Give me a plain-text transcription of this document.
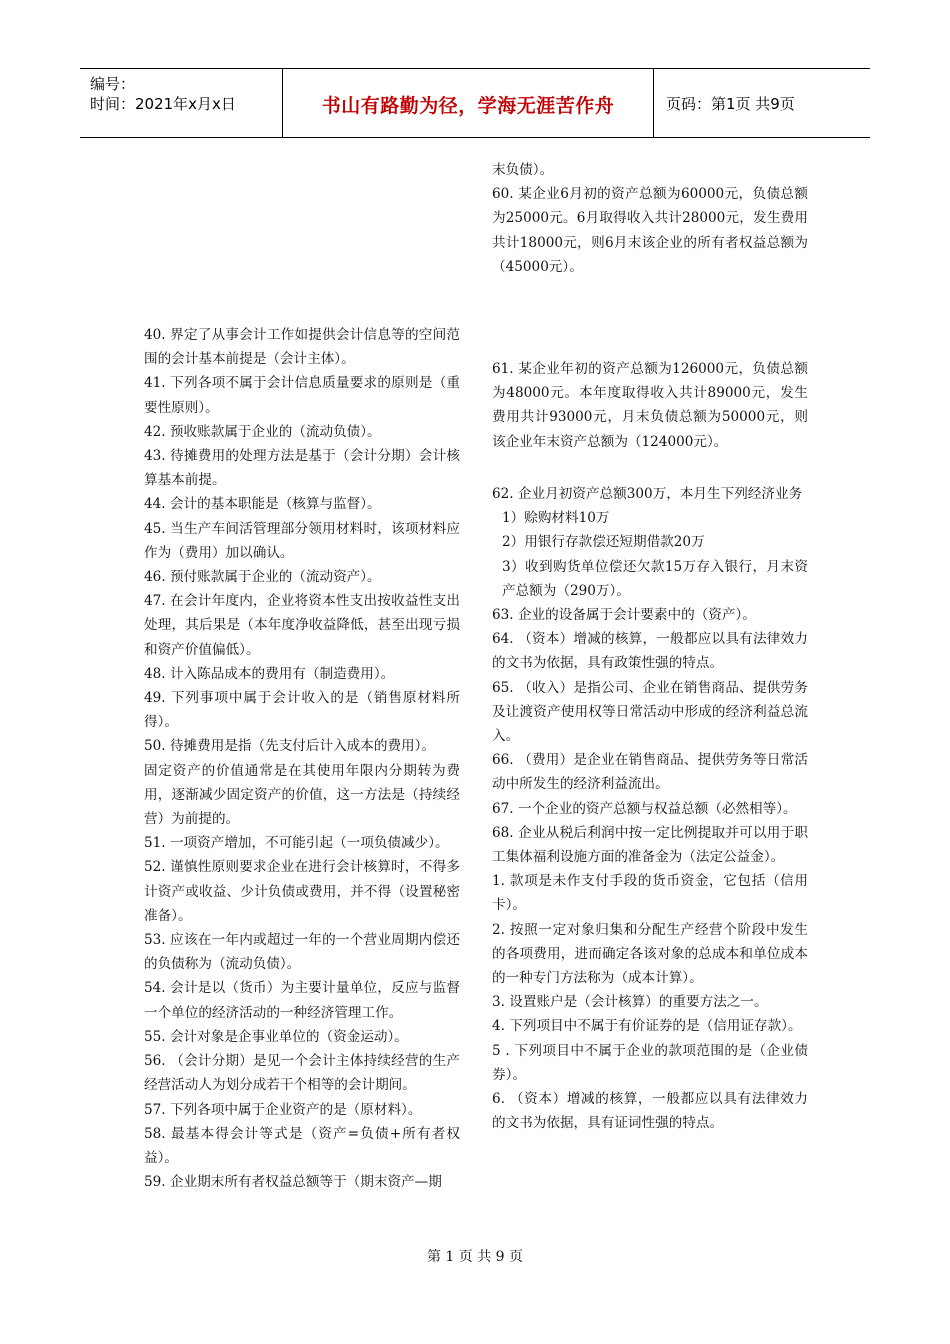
编号：
时间：2021年x月x日	书山有路勤为径，学海无涯苦作舟	页码：第1页 共9页

40. 界定了从事会计工作如提供会计信息等的空间范围的会计基本前提是（会计主体）。

41. 下列各项不属于会计信息质量要求的原则是（重要性原则）。

42. 预收账款属于企业的（流动负债）。

43. 待摊费用的处理方法是基于（会计分期）会计核算基本前提。

44. 会计的基本职能是（核算与监督）。

45. 当生产车间活管理部分领用材料时，该项材料应作为（费用）加以确认。

46. 预付账款属于企业的（流动资产）。

47. 在会计年度内，企业将资本性支出按收益性支出处理，其后果是（本年度净收益降低，甚至出现亏损和资产价值偏低）。

48. 计入陈品成本的费用有（制造费用）。

49. 下列事项中属于会计收入的是（销售原材料所得）。

50. 待摊费用是指（先支付后计入成本的费用）。

固定资产的价值通常是在其使用年限内分期转为费用，逐渐减少固定资产的价值，这一方法是（持续经营）为前提的。

51. 一项资产增加，不可能引起（一项负债减少）。

52. 谨慎性原则要求企业在进行会计核算时，不得多计资产或收益、少计负债或费用，并不得（设置秘密准备）。

53. 应该在一年内或超过一年的一个营业周期内偿还的负债称为（流动负债）。

54. 会计是以（货币）为主要计量单位，反应与监督一个单位的经济活动的一种经济管理工作。

55. 会计对象是企事业单位的（资金运动）。

56. （会计分期）是见一个会计主体持续经营的生产经营活动人为划分成若干个相等的会计期间。

57. 下列各项中属于企业资产的是（原材料）。

58. 最基本得会计等式是（资产=负债+所有者权益）。

59. 企业期末所有者权益总额等于（期末资产—期

末负债）。

60. 某企业6月初的资产总额为60000元，负债总额为25000元。6月取得收入共计28000元，发生费用共计18000元，则6月末该企业的所有者权益总额为（45000元）。

61. 某企业年初的资产总额为126000元，负债总额为48000元。本年度取得收入共计89000元，发生费用共计93000元，月末负债总额为50000元，则该企业年末资产总额为（124000元）。

62. 企业月初资产总额300万，本月生下列经济业务

1）赊购材料10万

2）用银行存款偿还短期借款20万

3）收到购货单位偿还欠款15万存入银行，月末资产总额为（290万）。

63. 企业的设备属于会计要素中的（资产）。

64. （资本）增减的核算，一般都应以具有法律效力的文书为依据，具有政策性强的特点。

65. （收入）是指公司、企业在销售商品、提供劳务及让渡资产使用权等日常活动中形成的经济利益总流入。

66. （费用）是企业在销售商品、提供劳务等日常活动中所发生的经济利益流出。

67. 一个企业的资产总额与权益总额（必然相等）。

68. 企业从税后利润中按一定比例提取并可以用于职工集体福利设施方面的准备金为（法定公益金）。

1. 款项是未作支付手段的货币资金，它包括（信用卡）。

2. 按照一定对象归集和分配生产经营个阶段中发生的各项费用，进而确定各该对象的总成本和单位成本的一种专门方法称为（成本计算）。

3. 设置账户是（会计核算）的重要方法之一。

4. 下列项目中不属于有价证券的是（信用证存款）。

5 . 下列项目中不属于企业的款项范围的是（企业债券）。

6. （资本）增减的核算，一般都应以具有法律效力的文书为依据，具有证词性强的特点。

第 1 页 共 9 页
